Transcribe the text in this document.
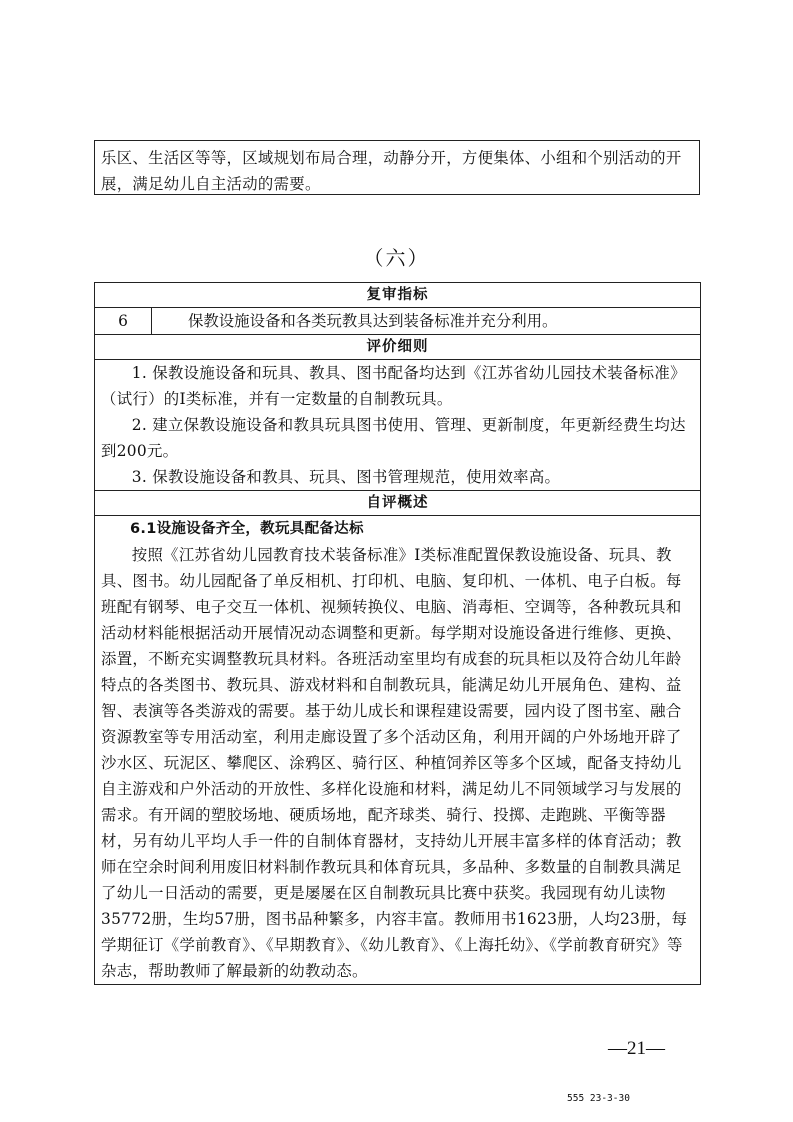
乐区、生活区等等，区域规划布局合理，动静分开，方便集体、小组和个别活动的开展，满足幼儿自主活动的需要。

（六）
复审指标
6	保教设施设备和各类玩教具达到装备标准并充分利用。
评价细则

1. 保教设施设备和玩具、教具、图书配备均达到《江苏省幼儿园技术装备标准》（试行）的Ⅰ类标准，并有一定数量的自制教玩具。

2. 建立保教设施设备和教具玩具图书使用、管理、更新制度，年更新经费生均达到200元。

3. 保教设施设备和教具、玩具、图书管理规范，使用效率高。

自评概述

6.1设施设备齐全，教玩具配备达标

按照《江苏省幼儿园教育技术装备标准》Ⅰ类标准配置保教设施设备、玩具、教具、图书。幼儿园配备了单反相机、打印机、电脑、复印机、一体机、电子白板。每班配有钢琴、电子交互一体机、视频转换仪、电脑、消毒柜、空调等，各种教玩具和活动材料能根据活动开展情况动态调整和更新。每学期对设施设备进行维修、更换、添置，不断充实调整教玩具材料。各班活动室里均有成套的玩具柜以及符合幼儿年龄特点的各类图书、教玩具、游戏材料和自制教玩具，能满足幼儿开展角色、建构、益智、表演等各类游戏的需要。基于幼儿成长和课程建设需要，园内设了图书室、融合资源教室等专用活动室，利用走廊设置了多个活动区角，利用开阔的户外场地开辟了沙水区、玩泥区、攀爬区、涂鸦区、骑行区、种植饲养区等多个区域，配备支持幼儿自主游戏和户外活动的开放性、多样化设施和材料，满足幼儿不同领域学习与发展的需求。有开阔的塑胶场地、硬质场地，配齐球类、骑行、投掷、走跑跳、平衡等器材，另有幼儿平均人手一件的自制体育器材，支持幼儿开展丰富多样的体育活动；教师在空余时间利用废旧材料制作教玩具和体育玩具，多品种、多数量的自制教具满足了幼儿一日活动的需要，更是屡屡在区自制教玩具比赛中获奖。我园现有幼儿读物35772册，生均57册，图书品种繁多，内容丰富。教师用书1623册，人均23册，每学期征订《学前教育》、《早期教育》、《幼儿教育》、《上海托幼》、《学前教育研究》等杂志，帮助教师了解最新的幼教动态。

—21—
555 23-3-30
